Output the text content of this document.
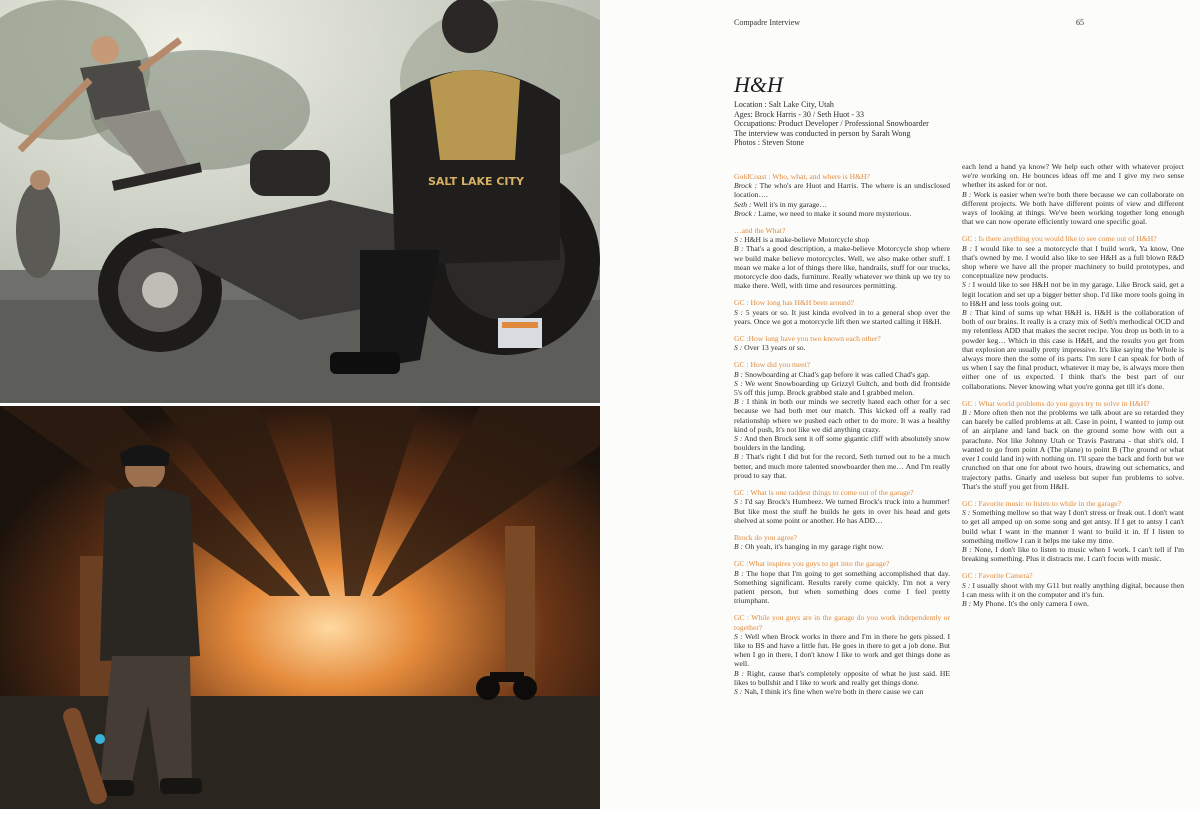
SALT LAKE CITY
Compadre Interview	65
H&H
Location : Salt Lake City, Utah
Ages: Brock Harris - 30 / Seth Huot - 33
Occupations: Product Developer / Professional Snowboarder
The interview was conducted in person by Sarah Wong
Photos : Steven Stone
GoldCoast : Who, what, and where is H&H?

Brock : The who's are Huot and Harris. The where is an undisclosed location….

Seth : Well it's in my garage…

Brock : Lame, we need to make it sound more mysterious.

…and the What?

S : H&H is a make-believe Motorcycle shop

B : That's a good description, a make-believe Motorcycle shop where we build make believe motorcycles. Well, we also make other stuff. I mean we make a lot of things there like, handrails, stuff for our trucks, motorcycle doo dads, furniture. Really whatever we think up we try to make there. Well, with time and resources permitting.

GC : How long has H&H been around?

S : 5 years or so. It just kinda evolved in to a general shop over the years. Once we got a motorcycle lift then we started calling it H&H.

GC :How long have you two known each other?

S : Over 13 years or so.

GC : How did you meet?

B : Snowboarding at Chad's gap before it was called Chad's gap.

S : We went Snowboarding up Grizzyl Gultch, and both did frontside 5's off this jump. Brock grabbed stale and I grabbed melon.

B : I think in both our minds we secretly hated each other for a sec because we had both met our match. This kicked off a really rad relationship where we pushed each other to do more. It was a healthy kind of push, It's not like we did anything crazy.

S : And then Brock sent it off some gigantic cliff with absolutely snow boulders in the landing.

B : That's right I did but for the record, Seth turned out to be a much better, and much more talented snowboarder then me… And I'm really proud to say that.

GC : What is one raddest things to come out of the garage?

S : I'd say Brock's Humbeez. We turned Brock's truck into a hummer! But like most the stuff he builds he gets in over his head and gets shelved at some point or another. He has ADD…

Brock do you agree?

B : Oh yeah, it's hanging in my garage right now.

GC :What inspires you guys to get into the garage?

B : The hope that I'm going to get something accomplished that day. Something significant. Results rarely come quickly. I'm not a very patient person, but when something does come I feel pretty triumphant.

GC : While you guys are in the garage do you work independently or together?

S : Well when Brock works in there and I'm in there he gets pissed. I like to BS and have a little fun. He goes in there to get a job done. But when I go in there, I don't know I like to work and get things done as well.

B : Right, cause that's completely opposite of what he just said. HE likes to bullshit and I like to work and really get things done.

S : Nah, I think it's fine when we're both in there cause we can

each lend a hand ya know? We help each other with whatever project we're working on. He bounces ideas off me and I give my two sense whether its asked for or not.

B : Work is easier when we're both there because we can collaborate on different projects. We both have different points of view and different ways of looking at things. We've been working together long enough that we can now operate efficiently toward one specific goal.

GC : Is there anything you would like to see come out of H&H?

B : I would like to see a motorcycle that I build work, Ya know, One that's owned by me. I would also like to see H&H as a full blown R&D shop where we have all the proper machinery to build prototypes, and conceptualize new products.

S : I would like to see H&H not be in my garage. Like Brock said, get a legit location and set up a bigger better shop. I'd like more tools going in to H&H and less tools going out.

B : That kind of sums up what H&H is. H&H is the collaboration of both of our brains. It really is a crazy mix of Seth's methodical OCD and my relentless ADD that makes the secret recipe. You drop us both in to a powder keg… Which in this case is H&H, and the results you get from that explosion are usually pretty impressive. It's like saying the Whole is always more then the some of its parts. I'm sure I can speak for both of us when I say the final product, whatever it may be, is always more then either one of us expected. I think that's the best part of our collaborations. Never knowing what you're gonna get till it's done.

GC : What world problems do you guys try to solve in H&H?

B : More often then not the problems we talk about are so retarded they can barely be called problems at all. Case in point, I wanted to jump out of an airplane and land back on the ground some how with out a parachute. Not like Johnny Utah or Travis Pastrana - that shit's old. I wanted to go from point A (The plane) to point B (The ground or what ever I could land in) with nothing on. I'll spare the back and forth but we crunched on that one for about two hours, drawing out schematics, and trajectory paths. Gnarly and useless but super fun problems to solve. That's the stuff you get from H&H.

GC : Favorite music to listen to while in the garage?

S : Something mellow so that way I don't stress or freak out. I don't want to get all amped up on some song and get antsy. If I get to antsy I can't build what I want in the manner I want to build it in. If I listen to something mellow I can it helps me take my time.

B : None, I don't like to listen to music when I work. I can't tell if I'm breaking something. Plus it distracts me. I can't focus with music.

GC : Favorite Camera?

S : I usually shoot with my G11 but really anything digital, because then I can mess with it on the computer and it's fun.

B : My Phone. It's the only camera I own.
